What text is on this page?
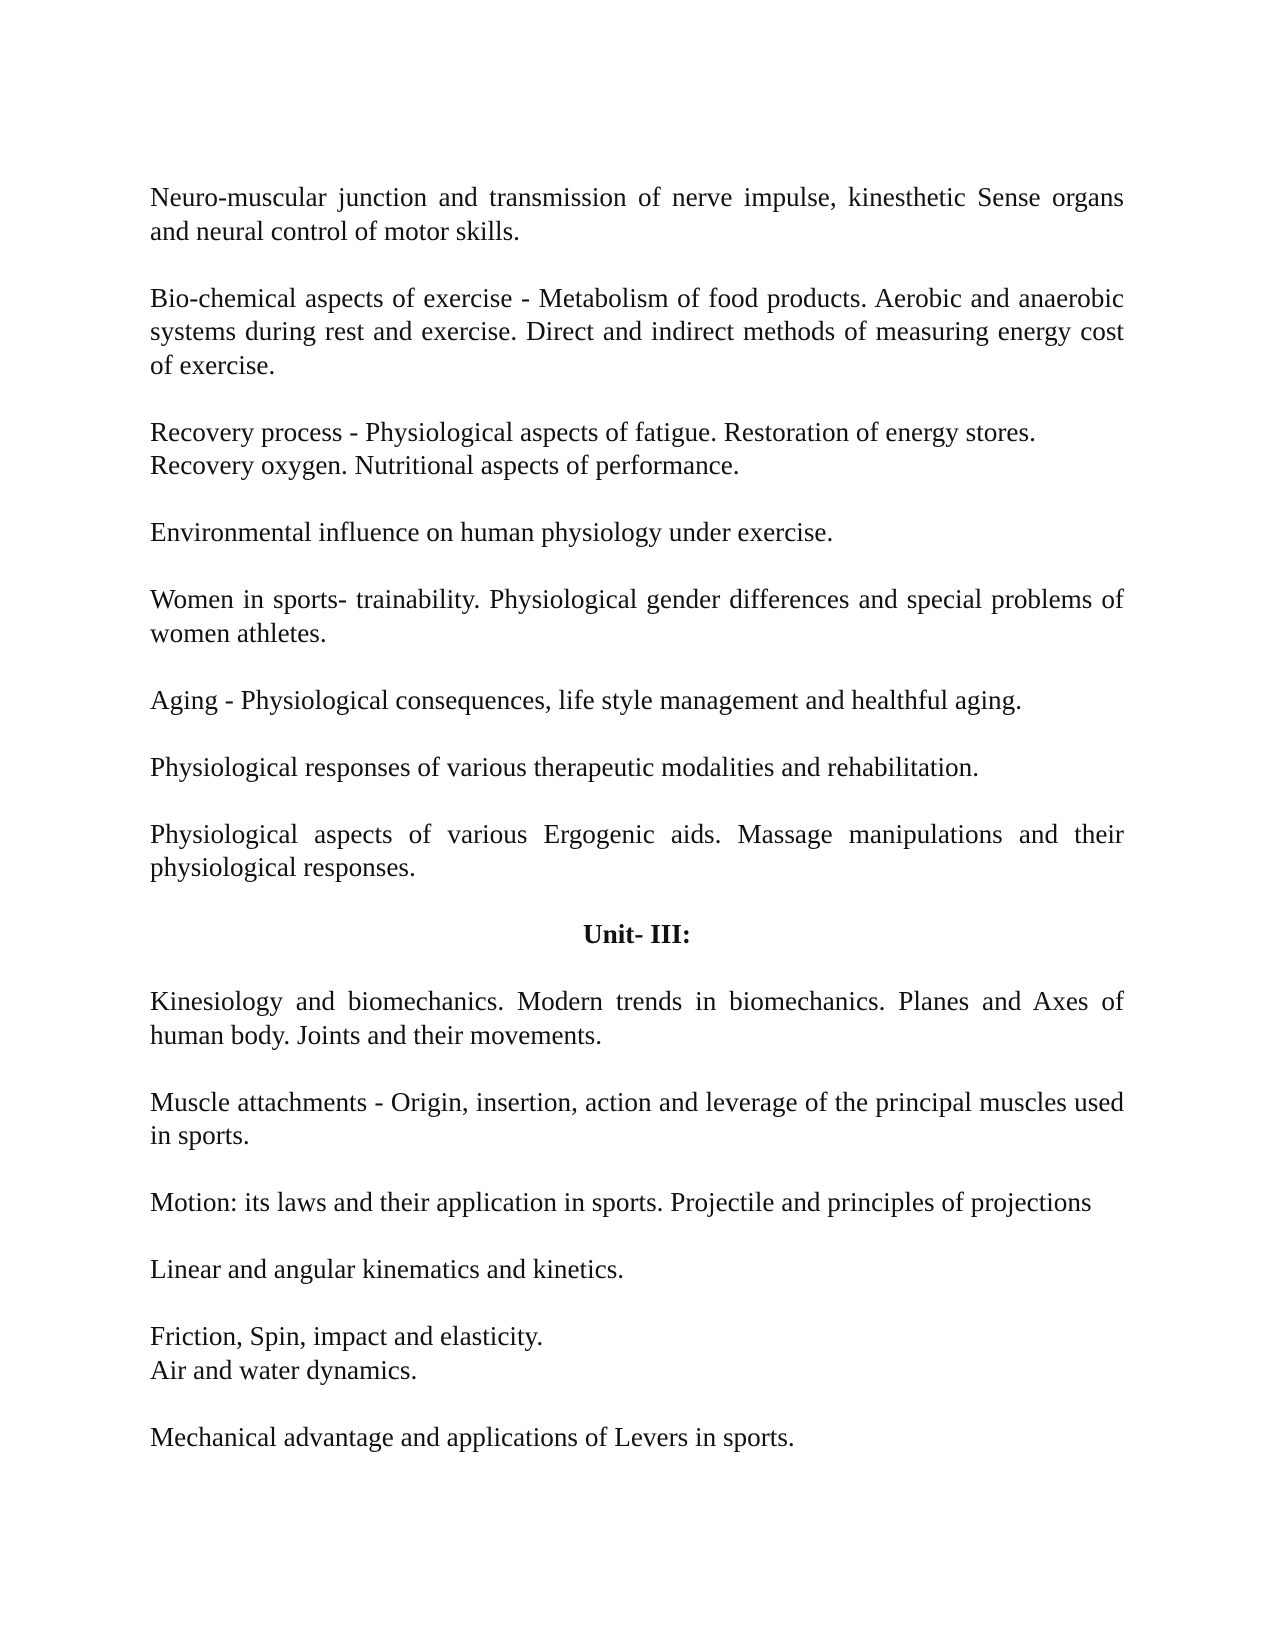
Neuro-muscular junction and transmission of nerve impulse, kinesthetic Sense organs and neural control of motor skills.

Bio-chemical aspects of exercise - Metabolism of food products. Aerobic and anaerobic systems during rest and exercise. Direct and indirect methods of measuring energy cost of exercise.

Recovery process - Physiological aspects of fatigue. Restoration of energy stores.
Recovery oxygen. Nutritional aspects of performance.

Environmental influence on human physiology under exercise.

Women in sports- trainability. Physiological gender differences and special problems of women athletes.

Aging - Physiological consequences, life style management and healthful aging.

Physiological responses of various therapeutic modalities and rehabilitation.

Physiological aspects of various Ergogenic aids. Massage manipulations and their physiological responses.

Unit- III:

Kinesiology and biomechanics. Modern trends in biomechanics. Planes and Axes of human body. Joints and their movements.

Muscle attachments - Origin, insertion, action and leverage of the principal muscles used in sports.

Motion: its laws and their application in sports. Projectile and principles of projections

Linear and angular kinematics and kinetics.

Friction, Spin, impact and elasticity.
Air and water dynamics.

Mechanical advantage and applications of Levers in sports.
